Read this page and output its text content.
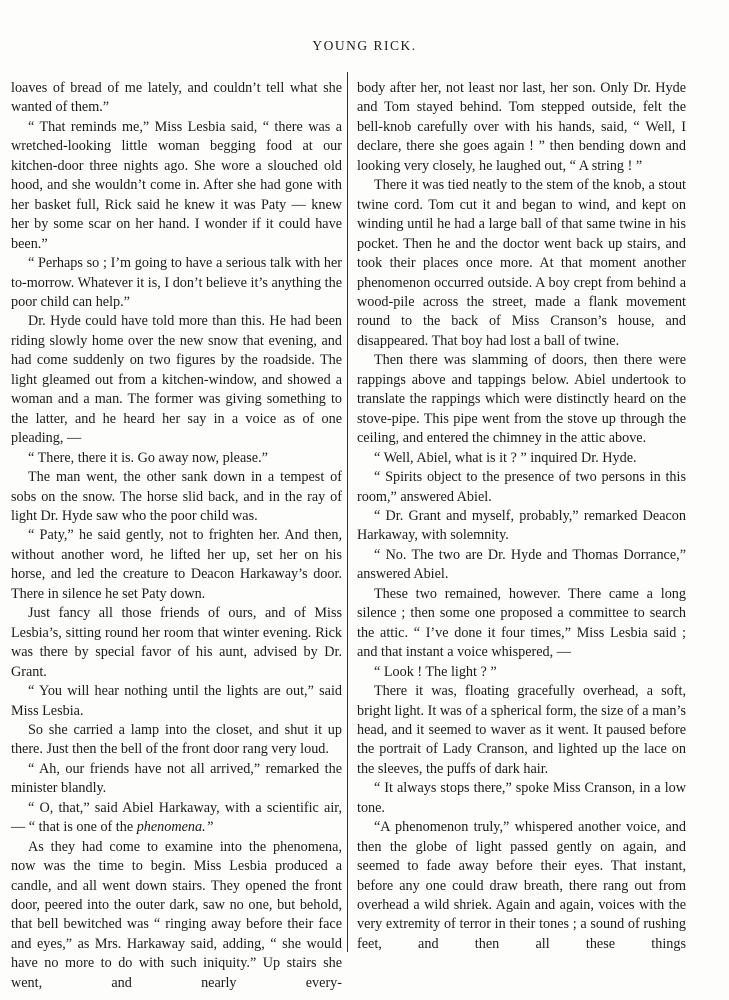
YOUNG RICK.

loaves of bread of me lately, and couldn’t tell what she wanted of them.”

“ That reminds me,” Miss Lesbia said, “ there was a wretched-looking little woman begging food at our kitchen-door three nights ago. She wore a slouched old hood, and she wouldn’t come in. After she had gone with her basket full, Rick said he knew it was Paty — knew her by some scar on her hand. I wonder if it could have been.”

“ Perhaps so ; I’m going to have a serious talk with her to-morrow. Whatever it is, I don’t believe it’s anything the poor child can help.”

Dr. Hyde could have told more than this. He had been riding slowly home over the new snow that evening, and had come suddenly on two figures by the roadside. The light gleamed out from a kitchen-window, and showed a woman and a man. The former was giving something to the latter, and he heard her say in a voice as of one pleading, —

“ There, there it is. Go away now, please.”

The man went, the other sank down in a tempest of sobs on the snow. The horse slid back, and in the ray of light Dr. Hyde saw who the poor child was.

“ Paty,” he said gently, not to frighten her. And then, without another word, he lifted her up, set her on his horse, and led the creature to Deacon Harkaway’s door. There in silence he set Paty down.

Just fancy all those friends of ours, and of Miss Lesbia’s, sitting round her room that winter evening. Rick was there by special favor of his aunt, advised by Dr. Grant.

“ You will hear nothing until the lights are out,” said Miss Lesbia.

So she carried a lamp into the closet, and shut it up there. Just then the bell of the front door rang very loud.

“ Ah, our friends have not all arrived,” remarked the minister blandly.

“ O, that,” said Abiel Harkaway, with a scientific air, — “ that is one of the phenomena.”

As they had come to examine into the phenomena, now was the time to begin. Miss Lesbia produced a candle, and all went down stairs. They opened the front door, peered into the outer dark, saw no one, but behold, that bell bewitched was “ ringing away before their face and eyes,” as Mrs. Harkaway said, adding, “ she would have no more to do with such iniquity.” Up stairs she went, and nearly every-

body after her, not least nor last, her son. Only Dr. Hyde and Tom stayed behind. Tom stepped outside, felt the bell-knob carefully over with his hands, said, “ Well, I declare, there she goes again ! ” then bending down and looking very closely, he laughed out, “ A string ! ”

There it was tied neatly to the stem of the knob, a stout twine cord. Tom cut it and began to wind, and kept on winding until he had a large ball of that same twine in his pocket. Then he and the doctor went back up stairs, and took their places once more. At that moment another phenomenon occurred outside. A boy crept from behind a wood-pile across the street, made a flank movement round to the back of Miss Cranson’s house, and disappeared. That boy had lost a ball of twine.

Then there was slamming of doors, then there were rappings above and tappings below. Abiel undertook to translate the rappings which were distinctly heard on the stove-pipe. This pipe went from the stove up through the ceiling, and entered the chimney in the attic above.

“ Well, Abiel, what is it ? ” inquired Dr. Hyde.

“ Spirits object to the presence of two persons in this room,” answered Abiel.

“ Dr. Grant and myself, probably,” remarked Deacon Harkaway, with solemnity.

“ No. The two are Dr. Hyde and Thomas Dorrance,” answered Abiel.

These two remained, however. There came a long silence ; then some one proposed a committee to search the attic. “ I’ve done it four times,” Miss Lesbia said ; and that instant a voice whispered, —

“ Look ! The light ? ”

There it was, floating gracefully overhead, a soft, bright light. It was of a spherical form, the size of a man’s head, and it seemed to waver as it went. It paused before the portrait of Lady Cranson, and lighted up the lace on the sleeves, the puffs of dark hair.

“ It always stops there,” spoke Miss Cranson, in a low tone.

“A phenomenon truly,” whispered another voice, and then the globe of light passed gently on again, and seemed to fade away before their eyes. That instant, before any one could draw breath, there rang out from overhead a wild shriek. Again and again, voices with the very extremity of terror in their tones ; a sound of rushing feet, and then all these things
